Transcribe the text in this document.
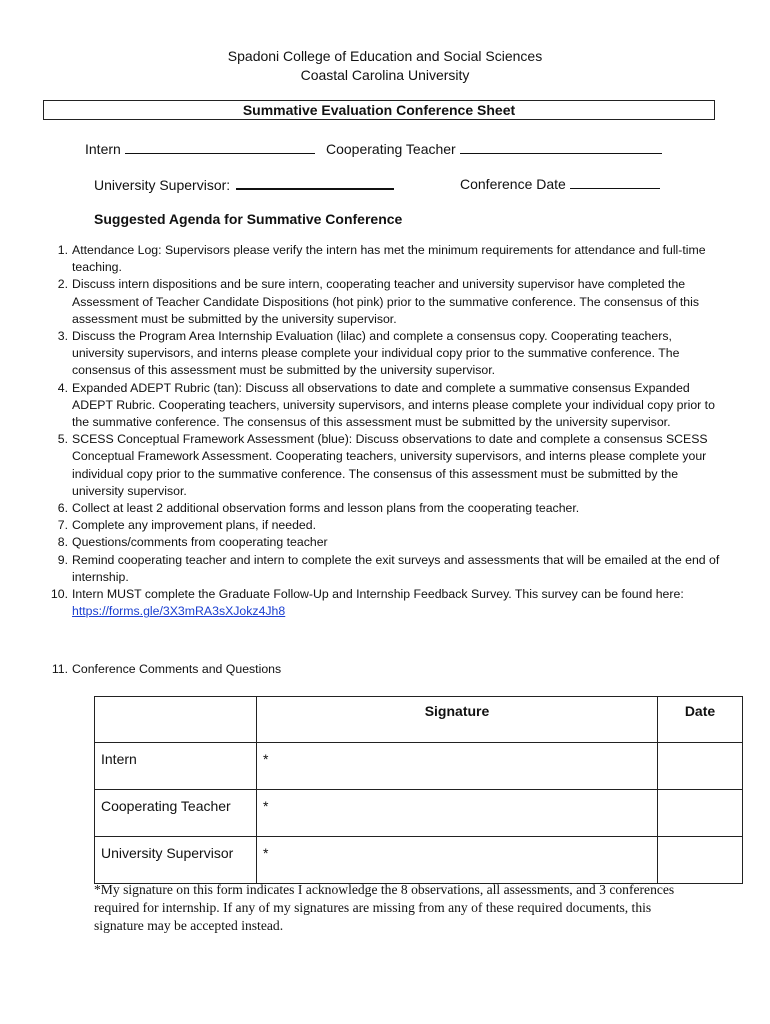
Spadoni College of Education and Social Sciences
Coastal Carolina University
Summative Evaluation Conference Sheet
Intern	Cooperating Teacher
University Supervisor:	Conference Date
Suggested Agenda for Summative Conference
1. Attendance Log: Supervisors please verify the intern has met the minimum requirements for attendance and full-time teaching.
2. Discuss intern dispositions and be sure intern, cooperating teacher and university supervisor have completed the Assessment of Teacher Candidate Dispositions (hot pink) prior to the summative conference. The consensus of this assessment must be submitted by the university supervisor.
3. Discuss the Program Area Internship Evaluation (lilac) and complete a consensus copy. Cooperating teachers, university supervisors, and interns please complete your individual copy prior to the summative conference. The consensus of this assessment must be submitted by the university supervisor.
4. Expanded ADEPT Rubric (tan): Discuss all observations to date and complete a summative consensus Expanded ADEPT Rubric. Cooperating teachers, university supervisors, and interns please complete your individual copy prior to the summative conference. The consensus of this assessment must be submitted by the university supervisor.
5. SCESS Conceptual Framework Assessment (blue): Discuss observations to date and complete a consensus SCESS Conceptual Framework Assessment. Cooperating teachers, university supervisors, and interns please complete your individual copy prior to the summative conference. The consensus of this assessment must be submitted by the university supervisor.
6. Collect at least 2 additional observation forms and lesson plans from the cooperating teacher.
7. Complete any improvement plans, if needed.
8. Questions/comments from cooperating teacher
9. Remind cooperating teacher and intern to complete the exit surveys and assessments that will be emailed at the end of internship.
10. Intern MUST complete the Graduate Follow-Up and Internship Feedback Survey. This survey can be found here: https://forms.gle/3X3mRA3sXJokz4Jh8
11. Conference Comments and Questions
	Signature	Date
Intern	*	
Cooperating Teacher	*	
University Supervisor	*	
*My signature on this form indicates I acknowledge the 8 observations, all assessments, and 3 conferences required for internship. If any of my signatures are missing from any of these required documents, this signature may be accepted instead.
